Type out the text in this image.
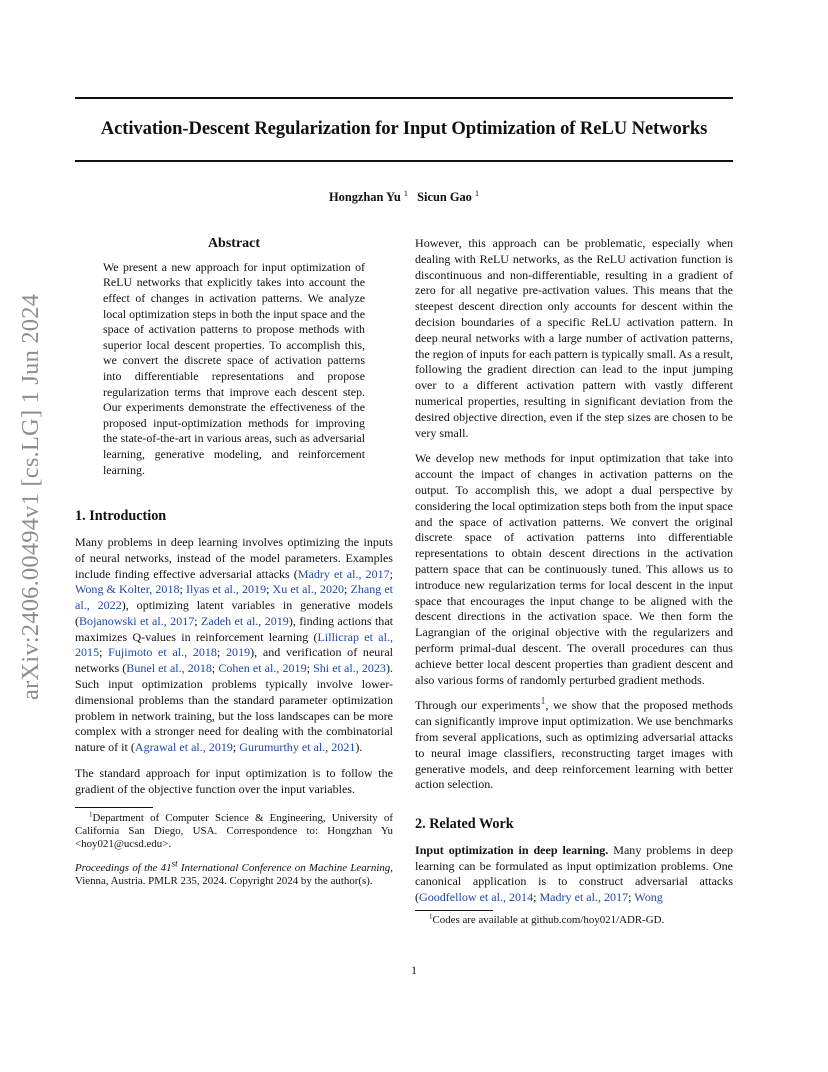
Activation-Descent Regularization for Input Optimization of ReLU Networks
Hongzhan Yu $^1$ Sicun Gao $^1$
arXiv:2406.00494v1 [cs.LG] 1 Jun 2024
Abstract

We present a new approach for input optimization of ReLU networks that explicitly takes into account the effect of changes in activation patterns. We analyze local optimization steps in both the input space and the space of activation patterns to propose methods with superior local descent properties. To accomplish this, we convert the discrete space of activation patterns into differentiable representations and propose regularization terms that improve each descent step. Our experiments demonstrate the effectiveness of the proposed input-optimization methods for improving the state-of-the-art in various areas, such as adversarial learning, generative modeling, and reinforcement learning.

1. Introduction

Many problems in deep learning involves optimizing the inputs of neural networks, instead of the model parameters. Examples include finding effective adversarial attacks (Madry et al., 2017; Wong & Kolter, 2018; Ilyas et al., 2019; Xu et al., 2020; Zhang et al., 2022), optimizing latent variables in generative models (Bojanowski et al., 2017; Zadeh et al., 2019), finding actions that maximizes Q-values in reinforcement learning (Lillicrap et al., 2015; Fujimoto et al., 2018; 2019), and verification of neural networks (Bunel et al., 2018; Cohen et al., 2019; Shi et al., 2023). Such input optimization problems typically involve lower-dimensional problems than the standard parameter optimization problem in network training, but the loss landscapes can be more complex with a stronger need for dealing with the combinatorial nature of it (Agrawal et al., 2019; Gurumurthy et al., 2021).

The standard approach for input optimization is to follow the gradient of the objective function over the input variables.

$^1$Department of Computer Science & Engineering, University of California San Diego, USA. Correspondence to: Hongzhan Yu <hoy021@ucsd.edu>.

Proceedings of the 41st International Conference on Machine Learning, Vienna, Austria. PMLR 235, 2024. Copyright 2024 by the author(s).

However, this approach can be problematic, especially when dealing with ReLU networks, as the ReLU activation function is discontinuous and non-differentiable, resulting in a gradient of zero for all negative pre-activation values. This means that the steepest descent direction only accounts for descent within the decision boundaries of a specific ReLU activation pattern. In deep neural networks with a large number of activation patterns, the region of inputs for each pattern is typically small. As a result, following the gradient direction can lead to the input jumping over to a different activation pattern with vastly different numerical properties, resulting in significant deviation from the desired objective direction, even if the step sizes are chosen to be very small.

We develop new methods for input optimization that take into account the impact of changes in activation patterns on the output. To accomplish this, we adopt a dual perspective by considering the local optimization steps both from the input space and the space of activation patterns. We convert the original discrete space of activation patterns into differentiable representations to obtain descent directions in the activation pattern space that can be continuously tuned. This allows us to introduce new regularization terms for local descent in the input space that encourages the input change to be aligned with the descent directions in the activation space. We then form the Lagrangian of the original objective with the regularizers and perform primal-dual descent. The overall procedures can thus achieve better local descent properties than gradient descent and also various forms of randomly perturbed gradient methods.

Through our experiments$^1$, we show that the proposed methods can significantly improve input optimization. We use benchmarks from several applications, such as optimizing adversarial attacks to neural image classifiers, reconstructing target images with generative models, and deep reinforcement learning with better action selection.

2. Related Work

Input optimization in deep learning. Many problems in deep learning can be formulated as input optimization problems. One canonical application is to construct adversarial attacks (Goodfellow et al., 2014; Madry et al., 2017; Wong

$^1$Codes are available at github.com/hoy021/ADR-GD.

1
